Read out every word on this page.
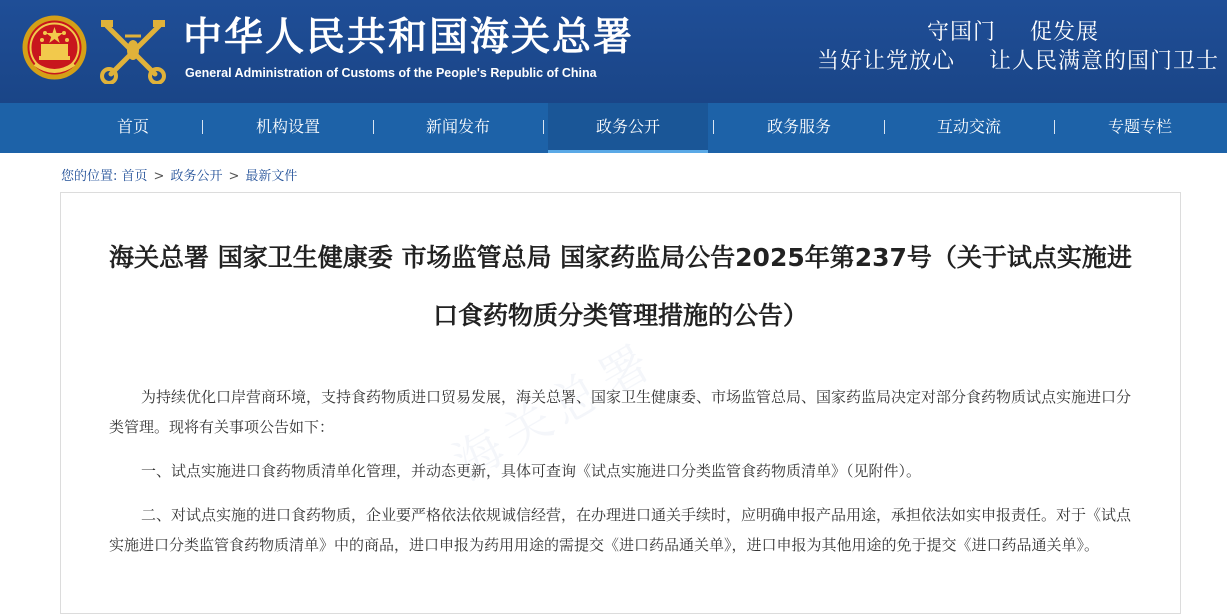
中华人民共和国海关总署
General Administration of Customs of the People's Republic of China
守国门 促发展
当好让党放心 让人民满意的国门卫士
首页	机构设置	新闻发布	政务公开	政务服务	互动交流	专题专栏
您的位置: 首页 > 政务公开 > 最新文件
海关总署
海关总署 国家卫生健康委 市场监管总局 国家药监局公告2025年第237号（关于试点实施进口食药物质分类管理措施的公告）

为持续优化口岸营商环境，支持食药物质进口贸易发展，海关总署、国家卫生健康委、市场监管总局、国家药监局决定对部分食药物质试点实施进口分类管理。现将有关事项公告如下：

一、试点实施进口食药物质清单化管理，并动态更新，具体可查询《试点实施进口分类监管食药物质清单》（见附件）。

二、对试点实施的进口食药物质，企业要严格依法依规诚信经营，在办理进口通关手续时，应明确申报产品用途，承担依法如实申报责任。对于《试点实施进口分类监管食药物质清单》中的商品，进口申报为药用用途的需提交《进口药品通关单》，进口申报为其他用途的免于提交《进口药品通关单》。
